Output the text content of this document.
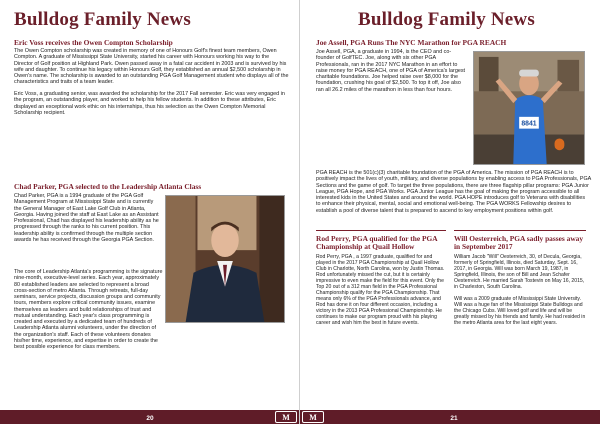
Bulldog Family News
Eric Voss receives the Owen Compton Scholarship

The Owen Compton scholarship was created in memory of one of Honours Golf's finest team members, Owen Compton. A graduate of Mississippi State University, started his career with Honours working his way to the Director of Golf position at Highland Park. Owen passed away in a fatal car accident in 2003 and is survived by his wife and daughter. To continue his legacy within Honours Golf, they established an annual $2,500 scholarship in Owen's name. The scholarship is awarded to an outstanding PGA Golf Management student who displays all of the characteristics and traits of a team leader.

Eric Voss, a graduating senior, was awarded the scholarship for the 2017 Fall semester. Eric was very engaged in the program, an outstanding player, and worked to help his fellow students. In addition to these attributes, Eric displayed an exceptional work ethic on his internships, thus his selection as the Owen Compton Memorial Scholarship recipient.

Chad Parker, PGA selected to the Leadership Atlanta Class
Chad Parker, PGA is a 1994 graduate of the PGA Golf Management Program at Mississippi State and is currently the General Manager of East Lake Golf Club in Atlanta, Georgia. Having joined the staff at East Lake as an Assistant Professional, Chad has displayed his leadership ability as he progressed through the ranks to his current position. This leadership ability is confirmed through the multiple section awards he has received through the Georgia PGA Section.
The core of Leadership Atlanta's programming is the signature nine-month, executive-level series. Each year, approximately 80 established leaders are selected to represent a broad cross-section of metro Atlanta. Through retreats, full-day seminars, service projects, discussion groups and community tours, members explore critical community issues, examine themselves as leaders and build relationships of trust and mutual understanding. Each year's class programming is created and executed by a dedicated team of hundreds of Leadership Atlanta alumni volunteers, under the direction of the organization's staff. Each of these volunteers donates his/her time, experience, and expertise in order to create the best possible experience for class members.
20	M
Bulldog Family News
Joe Assell, PGA Runs The NYC Marathon for PGA REACH
Joe Assell, PGA, a graduate in 1994, is the CEO and co-founder of GolfTEC. Joe, along with six other PGA Professionals, ran in the 2017 NYC Marathon in an effort to raise money for PGA REACH, one of PGA of America's largest charitable foundations. Joe helped raise over $8,000 for the foundation, crushing his goal of $2,500. To top it off, Joe also ran all 26.2 miles of the marathon in less than four hours.
8841

PGA REACH is the 501(c)(3) charitable foundation of the PGA of America. The mission of PGA REACH is to positively impact the lives of youth, military, and diverse populations by enabling access to PGA Professionals, PGA Sections and the game of golf. To target the three populations, there are three flagship pillar programs: PGA Junior League, PGA Hope, and PGA Works. PGA Junior League has the goal of making the program accessible to all interested kids in the United States and around the world. PGA HOPE introduces golf to Veterans with disabilities to enhance their physical, mental, social and emotional well-being. The PGA WORKS Fellowship desires to establish a pool of diverse talent that is prepared to ascend to key employment positions within golf.

Rod Perry, PGA qualified for the PGA Championship at Quail Hollow
Rod Perry, PGA , a 1997 graduate, qualified for and played in the 2017 PGA Championship at Quail Hollow Club in Charlotte, North Carolina, won by Justin Thomas. Rod unfortunately missed the cut, but it is certainly impressive to even make the field for this event. Only the Top 20 out of a 312 man field in the PGA Professional Championship qualify for the PGA Championship. That means only 6% of the PGA Professionals advance, and Rod has done it on four different occasion, including a victory in the 2013 PGA Professional Championship. He continues to make our program proud with his playing career and wish him the best in future events.
Will Oesterreich, PGA sadly passes away in September 2017

William Jacob "Will" Oesterreich, 30, of Decula, Georgia, formerly of Springfield, Illinois, died Saturday, Sept. 16, 2017, in Georgia. Will was born March 19, 1987, in Springfield, Illinois, the son of Bill and Jean Schafer Oesterreich. He married Sarah Tostevin on May 16, 2015, in Charleston, South Carolina.

Will was a 2009 graduate of Mississippi State University. Will was a huge fan of the Mississippi State Bulldogs and the Chicago Cubs. Will loved golf and life and will be greatly missed by his friends and family. He had resided in the metro Atlanta area for the last eight years.

21
M
